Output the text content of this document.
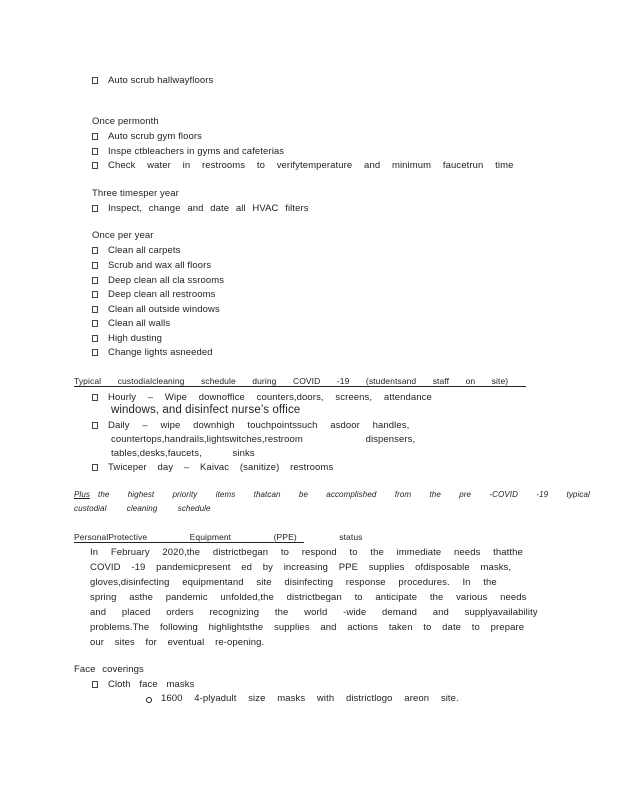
Auto scrub hallwayfloors
Once permonth
Auto scrub gym floors
Inspe ctbleachers in gyms and cafeterias
Check water in restrooms to verifytemperature and minimum faucetrun time
Three timesper year
Inspect, change and date all HVAC filters
Once per year
Clean all carpets
Scrub and wax all floors
Deep clean all cla ssrooms
Deep clean all restrooms
Clean all outside windows
Clean all walls
High dusting
Change lights asneeded
Typical custodialcleaning schedule during COVID -19 (studentsand staff on site)
Hourly – Wipe downoffice counters,doors, screens, attendance
windows, and disinfect nurse’s office
Daily – wipe downhigh touchpointssuch asdoor handles,
countertops,handrails,lightswitches,restroom dispensers,
tables,desks,faucets, sinks
Twiceper day – Kaivac (sanitize) restrooms
Plus the highest priority items thatcan be accomplished from the pre -COVID -19 typical
custodial cleaning schedule
PersonalProtective Equipment (PPE) status
In February 2020,the districtbegan to respond to the immediate needs thatthe
COVID -19 pandemicpresent ed by increasing PPE supplies ofdisposable masks,
gloves,disinfecting equipmentand site disinfecting response procedures. In the
spring asthe pandemic unfolded,the districtbegan to anticipate the various needs
and placed orders recognizing the world -wide demand and supplyavailability
problems.The following highlightsthe supplies and actions taken to date to prepare
our sites for eventual re-opening.
Face coverings
Cloth face masks
1600 4-plyadult size masks with districtlogo areon site.
